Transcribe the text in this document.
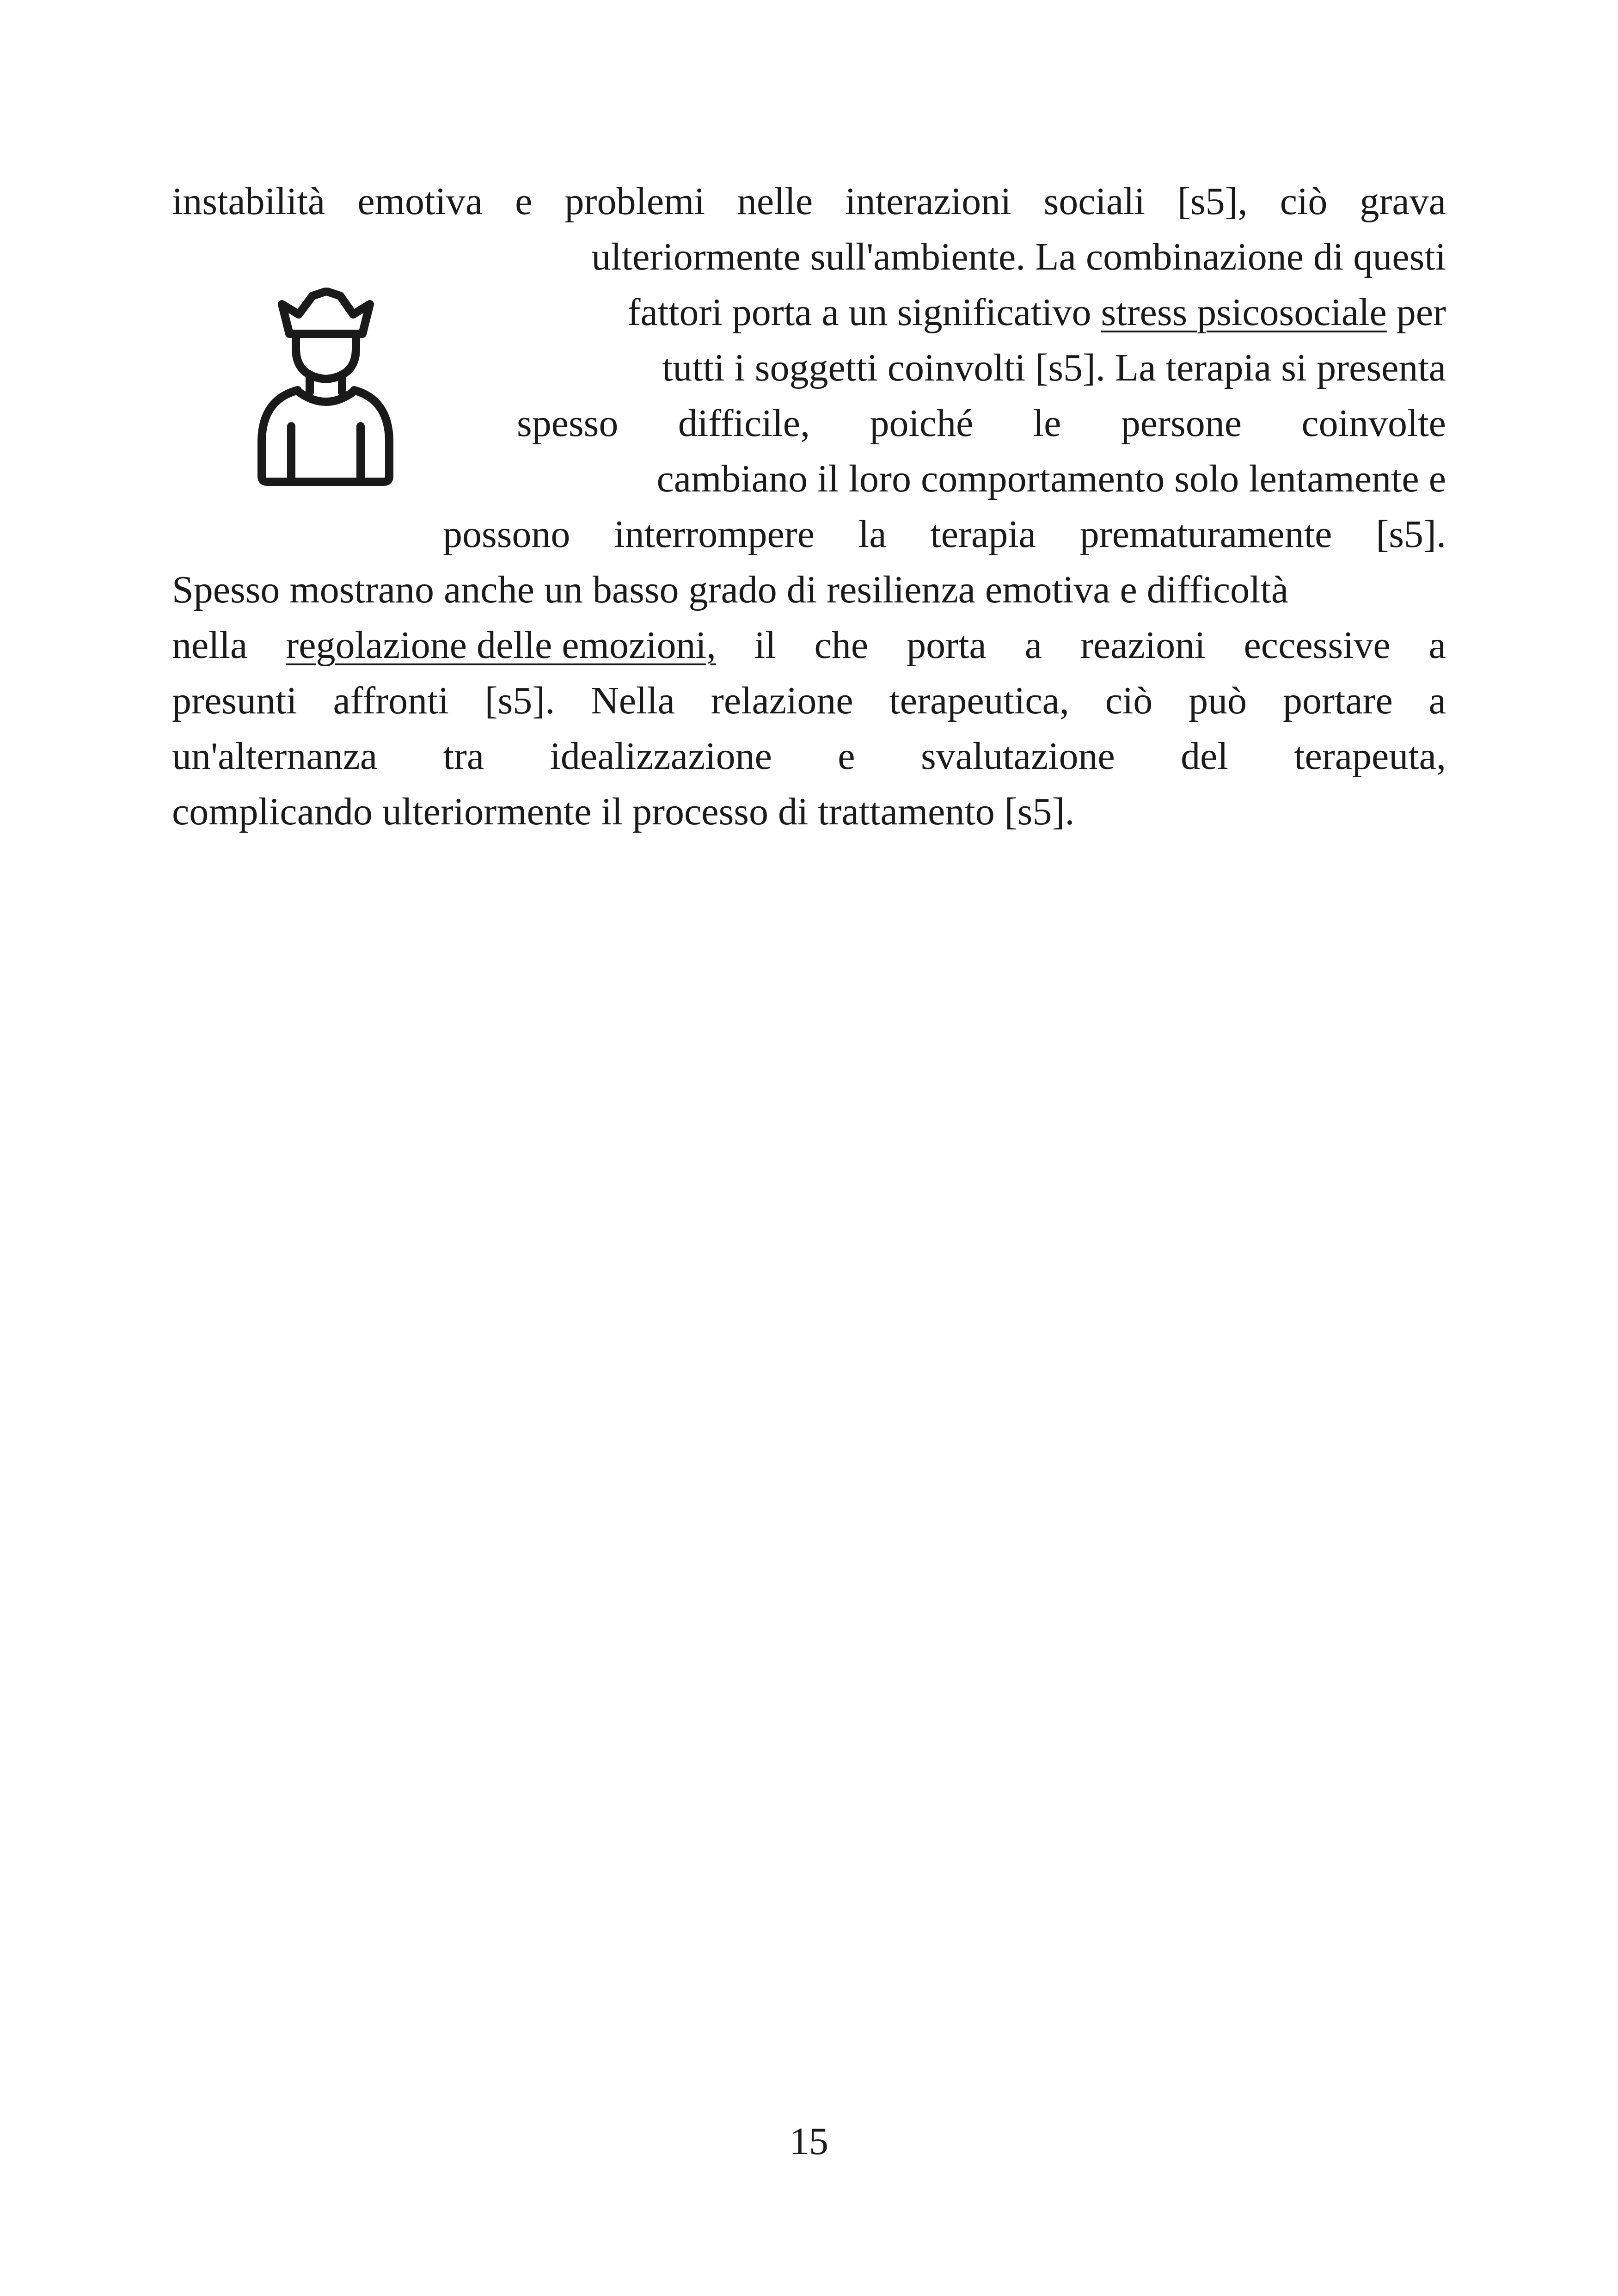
instabilità emotiva e problemi nelle interazioni sociali [s5], ciò grava
ulteriormente sull'ambiente. La combinazione di questi
fattori porta a un significativo stress psicosociale per
tutti i soggetti coinvolti [s5]. La terapia si presenta
spesso difficile, poiché le persone coinvolte
cambiano il loro comportamento solo lentamente e
possono interrompere la terapia prematuramente [s5].
Spesso mostrano anche un basso grado di resilienza emotiva e difficoltà
nella regolazione delle emozioni, il che porta a reazioni eccessive a
presunti affronti [s5]. Nella relazione terapeutica, ciò può portare a
un'alternanza tra idealizzazione e svalutazione del terapeuta,
complicando ulteriormente il processo di trattamento [s5].
15
